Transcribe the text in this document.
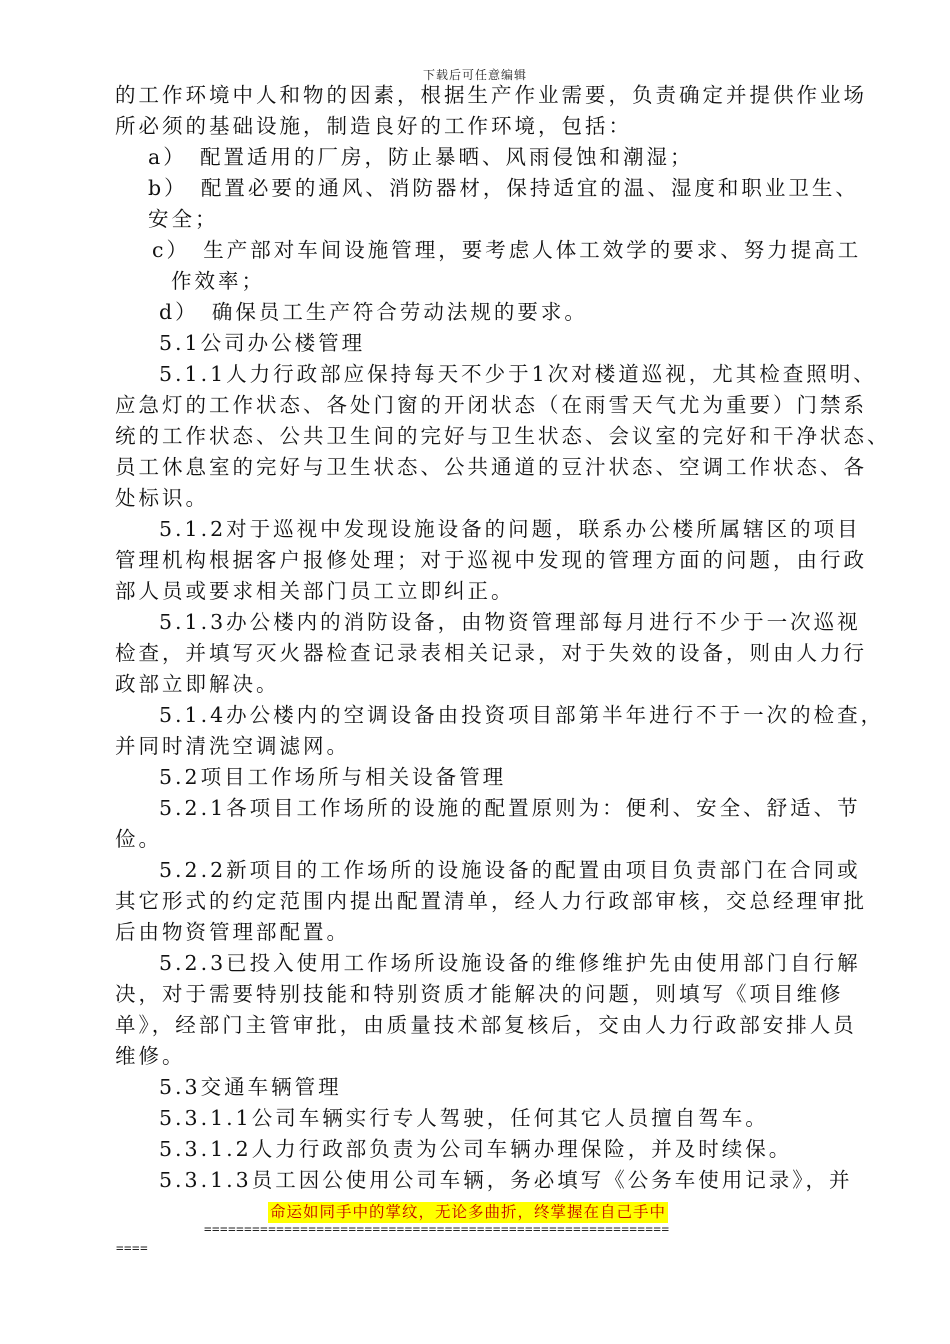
下载后可任意编辑
的工作环境中人和物的因素，根据生产作业需要，负责确定并提供作业场
所必须的基础设施，制造良好的工作环境，包括：
a）　配置适用的厂房，防止暴晒、风雨侵蚀和潮湿；
b）　配置必要的通风、消防器材，保持适宜的温、湿度和职业卫生、
安全；
c）　生产部对车间设施管理，要考虑人体工效学的要求、努力提高工
作效率；
d）　确保员工生产符合劳动法规的要求。
5.1公司办公楼管理
5.1.1人力行政部应保持每天不少于1次对楼道巡视，尤其检查照明、
应急灯的工作状态、各处门窗的开闭状态（在雨雪天气尤为重要）门禁系
统的工作状态、公共卫生间的完好与卫生状态、会议室的完好和干净状态、
员工休息室的完好与卫生状态、公共通道的豆汁状态、空调工作状态、各
处标识。
5.1.2对于巡视中发现设施设备的问题，联系办公楼所属辖区的项目
管理机构根据客户报修处理；对于巡视中发现的管理方面的问题，由行政
部人员或要求相关部门员工立即纠正。
5.1.3办公楼内的消防设备，由物资管理部每月进行不少于一次巡视
检查，并填写灭火器检查记录表相关记录，对于失效的设备，则由人力行
政部立即解决。
5.1.4办公楼内的空调设备由投资项目部第半年进行不于一次的检查，
并同时清洗空调滤网。
5.2项目工作场所与相关设备管理
5.2.1各项目工作场所的设施的配置原则为：便利、安全、舒适、节
俭。
5.2.2新项目的工作场所的设施设备的配置由项目负责部门在合同或
其它形式的约定范围内提出配置清单，经人力行政部审核，交总经理审批
后由物资管理部配置。
5.2.3已投入使用工作场所设施设备的维修维护先由使用部门自行解
决，对于需要特别技能和特别资质才能解决的问题，则填写《项目维修
单》，经部门主管审批，由质量技术部复核后，交由人力行政部安排人员
维修。
5.3交通车辆管理
5.3.1.1公司车辆实行专人驾驶，任何其它人员擅自驾车。
5.3.1.2人力行政部负责为公司车辆办理保险，并及时续保。
5.3.1.3员工因公使用公司车辆，务必填写《公务车使用记录》，并
命运如同手中的掌纹，无论多曲折，终掌握在自己手中
==========================================================
====
